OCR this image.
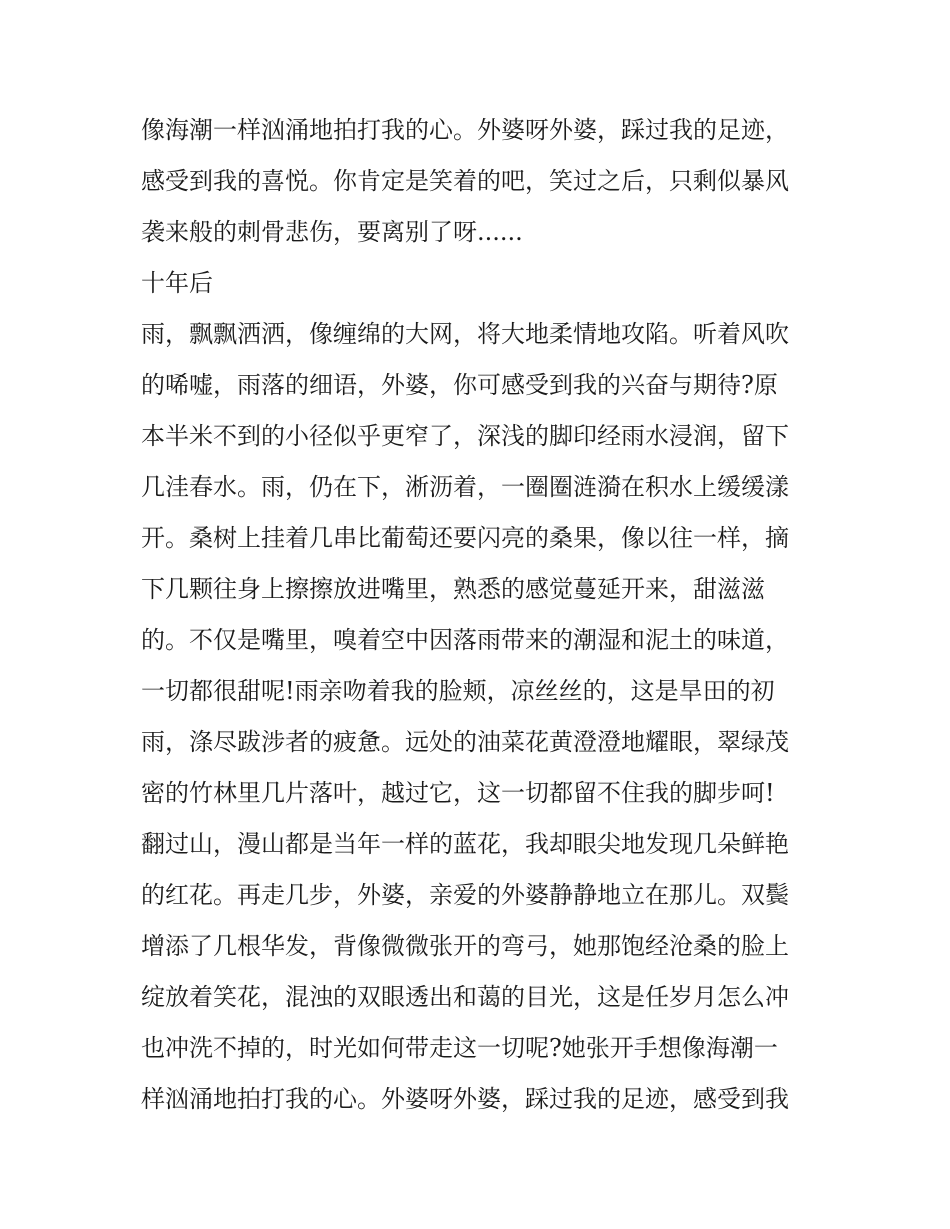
像海潮一样汹涌地拍打我的心。外婆呀外婆，踩过我的足迹，
感受到我的喜悦。你肯定是笑着的吧，笑过之后，只剩似暴风
袭来般的刺骨悲伤，要离别了呀......
十年后
雨，飘飘洒洒，像缠绵的大网，将大地柔情地攻陷。听着风吹
的唏嘘，雨落的细语，外婆，你可感受到我的兴奋与期待?原
本半米不到的小径似乎更窄了，深浅的脚印经雨水浸润，留下
几洼春水。雨，仍在下，淅沥着，一圈圈涟漪在积水上缓缓漾
开。桑树上挂着几串比葡萄还要闪亮的桑果，像以往一样，摘
下几颗往身上擦擦放进嘴里，熟悉的感觉蔓延开来，甜滋滋
的。不仅是嘴里，嗅着空中因落雨带来的潮湿和泥土的味道，
一切都很甜呢!雨亲吻着我的脸颊，凉丝丝的，这是旱田的初
雨，涤尽跋涉者的疲惫。远处的油菜花黄澄澄地耀眼，翠绿茂
密的竹林里几片落叶，越过它，这一切都留不住我的脚步呵!
翻过山，漫山都是当年一样的蓝花，我却眼尖地发现几朵鲜艳
的红花。再走几步，外婆，亲爱的外婆静静地立在那儿。双鬓
增添了几根华发，背像微微张开的弯弓，她那饱经沧桑的脸上
绽放着笑花，混浊的双眼透出和蔼的目光，这是任岁月怎么冲
也冲洗不掉的，时光如何带走这一切呢?她张开手想像海潮一
样汹涌地拍打我的心。外婆呀外婆，踩过我的足迹，感受到我
